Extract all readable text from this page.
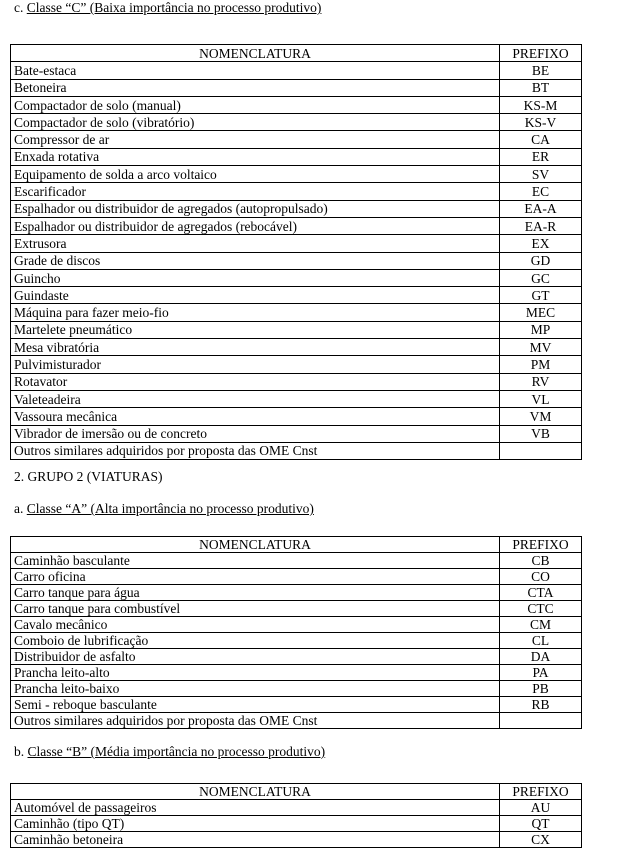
c. Classe “C” (Baixa importância no processo produtivo)
NOMENCLATURA	PREFIXO
Bate-estaca	BE
Betoneira	BT
Compactador de solo (manual)	KS-M
Compactador de solo (vibratório)	KS-V
Compressor de ar	CA
Enxada rotativa	ER
Equipamento de solda a arco voltaico	SV
Escarificador	EC
Espalhador ou distribuidor de agregados (autopropulsado)	EA-A
Espalhador ou distribuidor de agregados (rebocável)	EA-R
Extrusora	EX
Grade de discos	GD
Guincho	GC
Guindaste	GT
Máquina para fazer meio-fio	MEC
Martelete pneumático	MP
Mesa vibratória	MV
Pulvimisturador	PM
Rotavator	RV
Valeteadeira	VL
Vassoura mecânica	VM
Vibrador de imersão ou de concreto	VB
Outros similares adquiridos por proposta das OME Cnst	
2. GRUPO 2 (VIATURAS)
a. Classe “A” (Alta importância no processo produtivo)
NOMENCLATURA	PREFIXO
Caminhão basculante	CB
Carro oficina	CO
Carro tanque para água	CTA
Carro tanque para combustível	CTC
Cavalo mecânico	CM
Comboio de lubrificação	CL
Distribuidor de asfalto	DA
Prancha leito-alto	PA
Prancha leito-baixo	PB
Semi - reboque basculante	RB
Outros similares adquiridos por proposta das OME Cnst	
b. Classe “B” (Média importância no processo produtivo)
NOMENCLATURA	PREFIXO
Automóvel de passageiros	AU
Caminhão (tipo QT)	QT
Caminhão betoneira	CX
